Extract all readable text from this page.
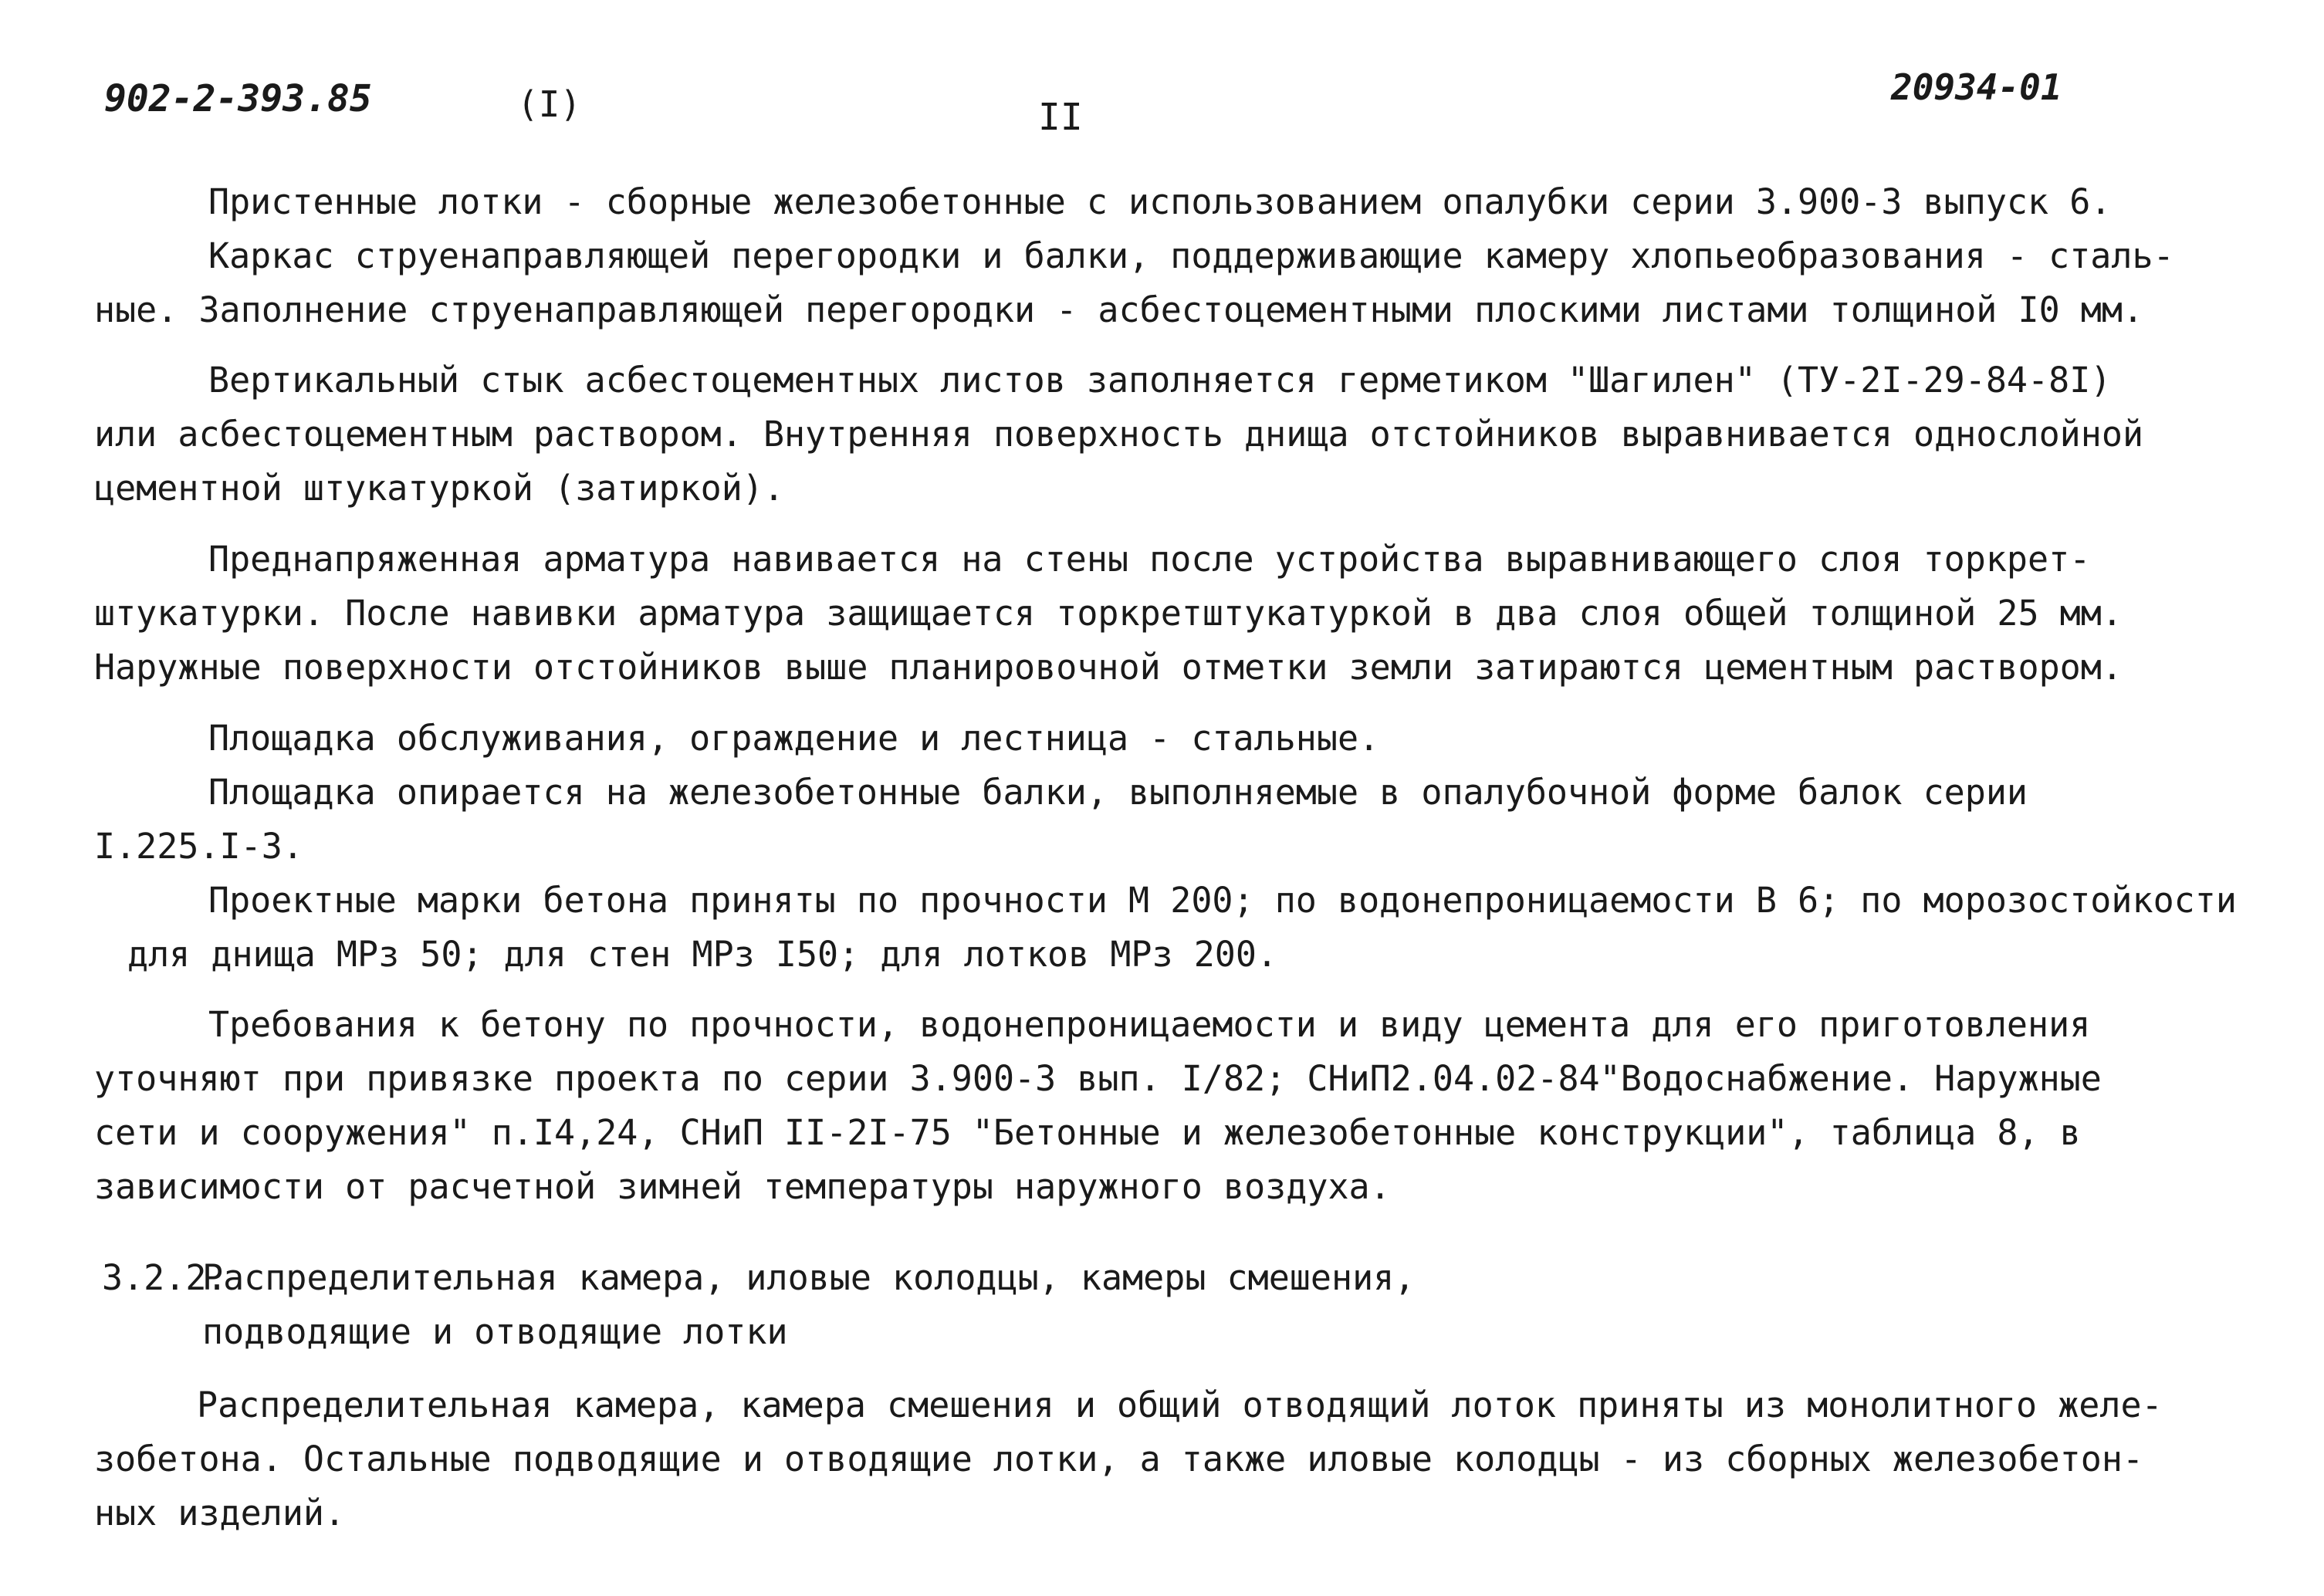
902-2-393.85	(I)	II
20934-01
Пристенные лотки - сборные железобетонные с использованием опалубки серии 3.900-3 выпуск 6.
Каркас струенаправляющей перегородки и балки, поддерживающие камеру хлопьеобразования - сталь-
ные. Заполнение струенаправляющей перегородки - асбестоцементными плоскими листами толщиной I0 мм.
Вертикальный стык асбестоцементных листов заполняется герметиком "Шагилен" (ТУ-2I-29-84-8I)
или асбестоцементным раствором. Внутренняя поверхность днища отстойников выравнивается однослойной
цементной штукатуркой (затиркой).
Преднапряженная арматура навивается на стены после устройства выравнивающего слоя торкрет-
штукатурки. После навивки арматура защищается торкретштукатуркой в два слоя общей толщиной 25 мм.
Наружные поверхности отстойников выше планировочной отметки земли затираются цементным раствором.
Площадка обслуживания, ограждение и лестница - стальные.
Площадка опирается на железобетонные балки, выполняемые в опалубочной форме балок серии
I.225.I-3.
Проектные марки бетона приняты по прочности М 200; по водонепроницаемости В 6; по морозостойкости
для днища МРз 50; для стен МРз I50; для лотков МРз 200.
Требования к бетону по прочности, водонепроницаемости и виду цемента для его приготовления
уточняют при привязке проекта по серии 3.900-3 вып. I/82; СНиП2.04.02-84"Водоснабжение. Наружные
сети и сооружения" п.I4,24, СНиП II-2I-75 "Бетонные и железобетонные конструкции", таблица 8, в
зависимости от расчетной зимней температуры наружного воздуха.
3.2.2.
Распределительная камера, иловые колодцы, камеры смешения,
подводящие и отводящие лотки
Распределительная камера, камера смешения и общий отводящий лоток приняты из монолитного желе-
зобетона. Остальные подводящие и отводящие лотки, а также иловые колодцы - из сборных железобетон-
ных изделий.
